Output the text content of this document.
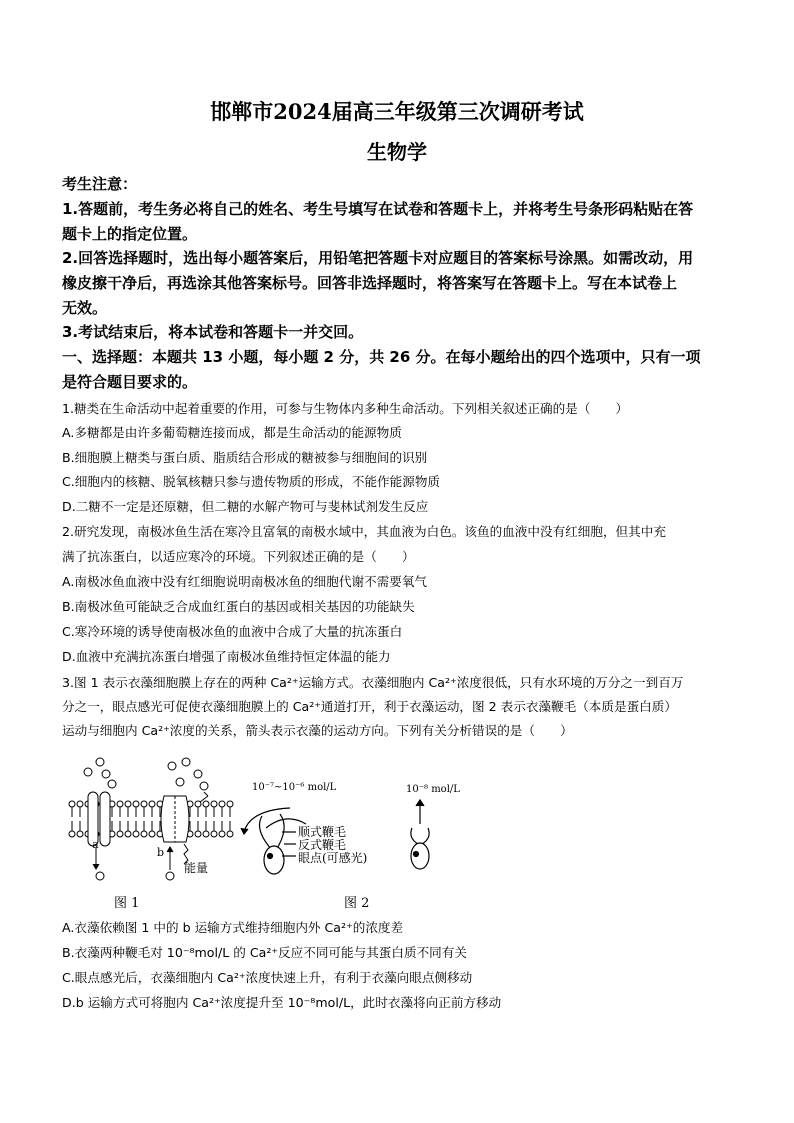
邯郸市2024届高三年级第三次调研考试
生物学
考生注意：
1.答题前，考生务必将自己的姓名、考生号填写在试卷和答题卡上，并将考生号条形码粘贴在答
题卡上的指定位置。
2.回答选择题时，选出每小题答案后，用铅笔把答题卡对应题目的答案标号涂黑。如需改动，用
橡皮擦干净后，再选涂其他答案标号。回答非选择题时，将答案写在答题卡上。写在本试卷上
无效。
3.考试结束后，将本试卷和答题卡一并交回。
一、选择题：本题共 13 小题，每小题 2 分，共 26 分。在每小题给出的四个选项中，只有一项
是符合题目要求的。
1.糖类在生命活动中起着重要的作用，可参与生物体内多种生命活动。下列相关叙述正确的是（　　）
A.多糖都是由许多葡萄糖连接而成，都是生命活动的能源物质
B.细胞膜上糖类与蛋白质、脂质结合形成的糖被参与细胞间的识别
C.细胞内的核糖、脱氧核糖只参与遗传物质的形成，不能作能源物质
D.二糖不一定是还原糖，但二糖的水解产物可与斐林试剂发生反应
2.研究发现，南极冰鱼生活在寒冷且富氧的南极水域中，其血液为白色。该鱼的血液中没有红细胞，但其中充
满了抗冻蛋白，以适应寒冷的环境。下列叙述正确的是（　　）
A.南极冰鱼血液中没有红细胞说明南极冰鱼的细胞代谢不需要氧气
B.南极冰鱼可能缺乏合成血红蛋白的基因或相关基因的功能缺失
C.寒冷环境的诱导使南极冰鱼的血液中合成了大量的抗冻蛋白
D.血液中充满抗冻蛋白增强了南极冰鱼维持恒定体温的能力
3.图 1 表示衣藻细胞膜上存在的两种 Ca²⁺运输方式。衣藻细胞内 Ca²⁺浓度很低，只有水环境的万分之一到百万
分之一，眼点感光可促使衣藻细胞膜上的 Ca²⁺通道打开，利于衣藻运动，图 2 表示衣藻鞭毛（本质是蛋白质）
运动与细胞内 Ca²⁺浓度的关系，箭头表示衣藻的运动方向。下列有关分析错误的是（　　）
a
b
能量
10⁻⁷~10⁻⁶ mol/L	10⁻⁸ mol/L
顺式鞭毛
反式鞭毛
眼点(可感光)
图 1	图 2
A.衣藻依赖图 1 中的 b 运输方式维持细胞内外 Ca²⁺的浓度差
B.衣藻两种鞭毛对 10⁻⁸mol/L 的 Ca²⁺反应不同可能与其蛋白质不同有关
C.眼点感光后，衣藻细胞内 Ca²⁺浓度快速上升，有利于衣藻向眼点侧移动
D.b 运输方式可将胞内 Ca²⁺浓度提升至 10⁻⁸mol/L，此时衣藻将向正前方移动
